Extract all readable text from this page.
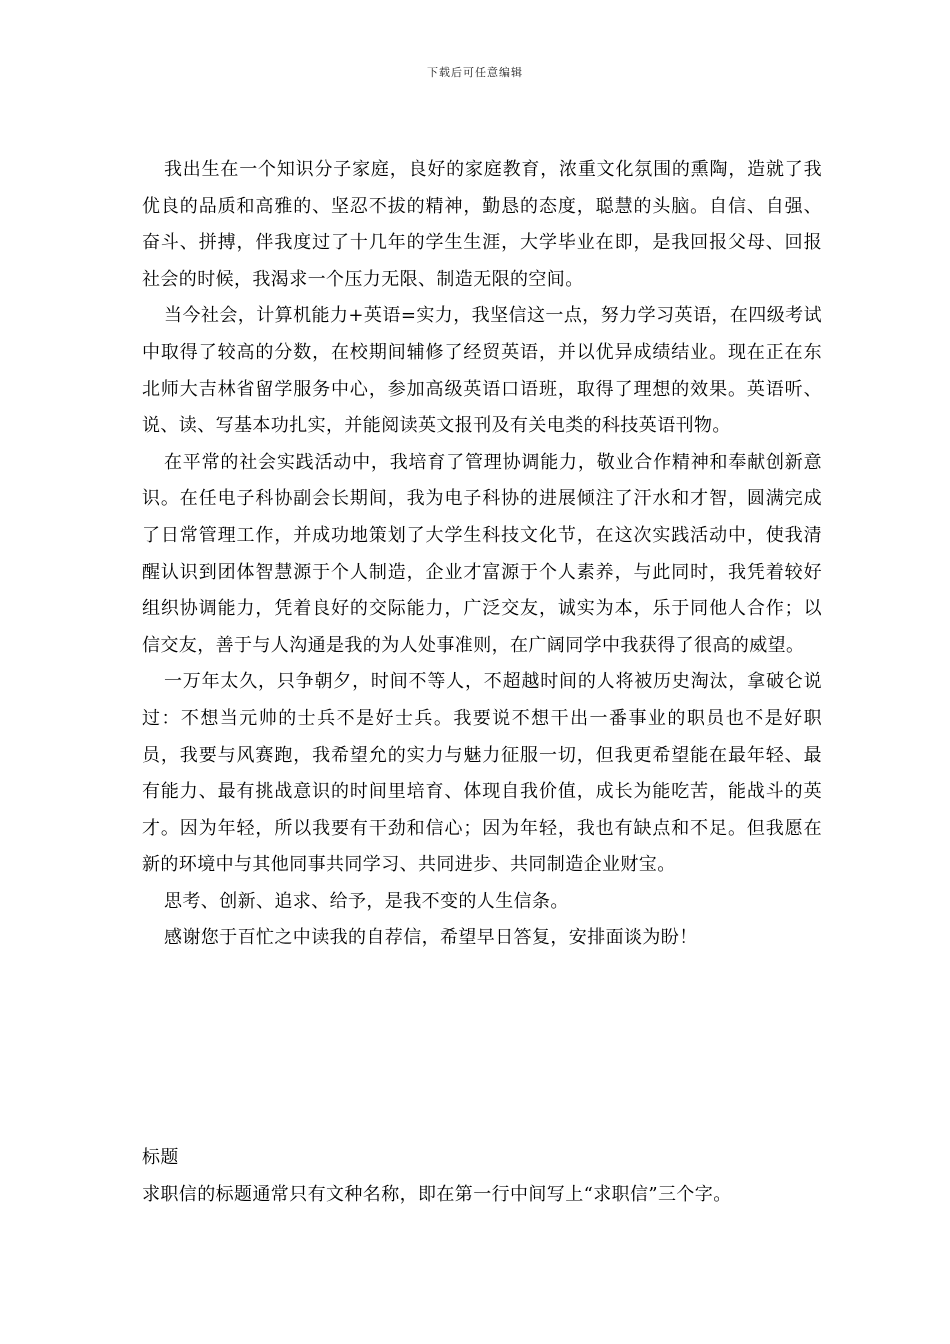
下载后可任意编辑

我出生在一个知识分子家庭，良好的家庭教育，浓重文化氛围的熏陶，造就了我优良的品质和高雅的、坚忍不拔的精神，勤恳的态度，聪慧的头脑。自信、自强、奋斗、拼搏，伴我度过了十几年的学生生涯，大学毕业在即，是我回报父母、回报社会的时候，我渴求一个压力无限、制造无限的空间。

当今社会，计算机能力+英语=实力，我坚信这一点，努力学习英语，在四级考试中取得了较高的分数，在校期间辅修了经贸英语，并以优异成绩结业。现在正在东北师大吉林省留学服务中心，参加高级英语口语班，取得了理想的效果。英语听、说、读、写基本功扎实，并能阅读英文报刊及有关电类的科技英语刊物。

在平常的社会实践活动中，我培育了管理协调能力，敬业合作精神和奉献创新意识。在任电子科协副会长期间，我为电子科协的进展倾注了汗水和才智，圆满完成了日常管理工作，并成功地策划了大学生科技文化节，在这次实践活动中，使我清醒认识到团体智慧源于个人制造，企业才富源于个人素养，与此同时，我凭着较好组织协调能力，凭着良好的交际能力，广泛交友，诚实为本，乐于同他人合作；以信交友，善于与人沟通是我的为人处事准则，在广阔同学中我获得了很高的威望。

一万年太久，只争朝夕，时间不等人，不超越时间的人将被历史淘汰，拿破仑说过：不想当元帅的士兵不是好士兵。我要说不想干出一番事业的职员也不是好职员，我要与风赛跑，我希望允的实力与魅力征服一切，但我更希望能在最年轻、最有能力、最有挑战意识的时间里培育、体现自我价值，成长为能吃苦，能战斗的英才。因为年轻，所以我要有干劲和信心；因为年轻，我也有缺点和不足。但我愿在新的环境中与其他同事共同学习、共同进步、共同制造企业财宝。

思考、创新、追求、给予，是我不变的人生信条。

感谢您于百忙之中读我的自荐信，希望早日答复，安排面谈为盼！

标题
求职信的标题通常只有文种名称，即在第一行中间写上“求职信”三个字。
